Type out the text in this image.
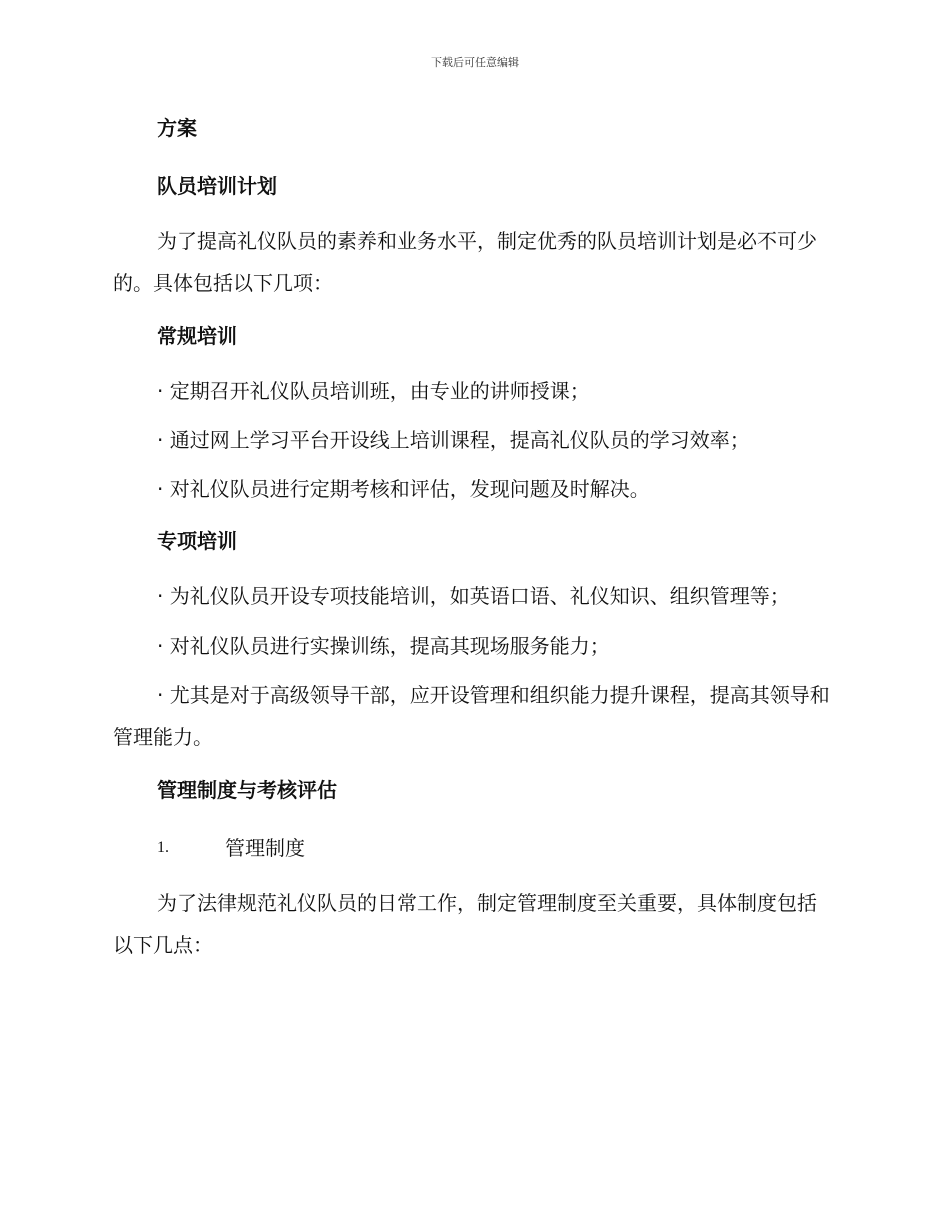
下载后可任意编辑
方案
队员培训计划
为了提高礼仪队员的素养和业务水平，制定优秀的队员培训计划是必不可少的。具体包括以下几项：
常规培训
· 定期召开礼仪队员培训班，由专业的讲师授课；
· 通过网上学习平台开设线上培训课程，提高礼仪队员的学习效率；
· 对礼仪队员进行定期考核和评估，发现问题及时解决。
专项培训
· 为礼仪队员开设专项技能培训，如英语口语、礼仪知识、组织管理等；
· 对礼仪队员进行实操训练，提高其现场服务能力；
· 尤其是对于高级领导干部，应开设管理和组织能力提升课程，提高其领导和管理能力。
管理制度与考核评估
1.	管理制度
为了法律规范礼仪队员的日常工作，制定管理制度至关重要，具体制度包括以下几点：
